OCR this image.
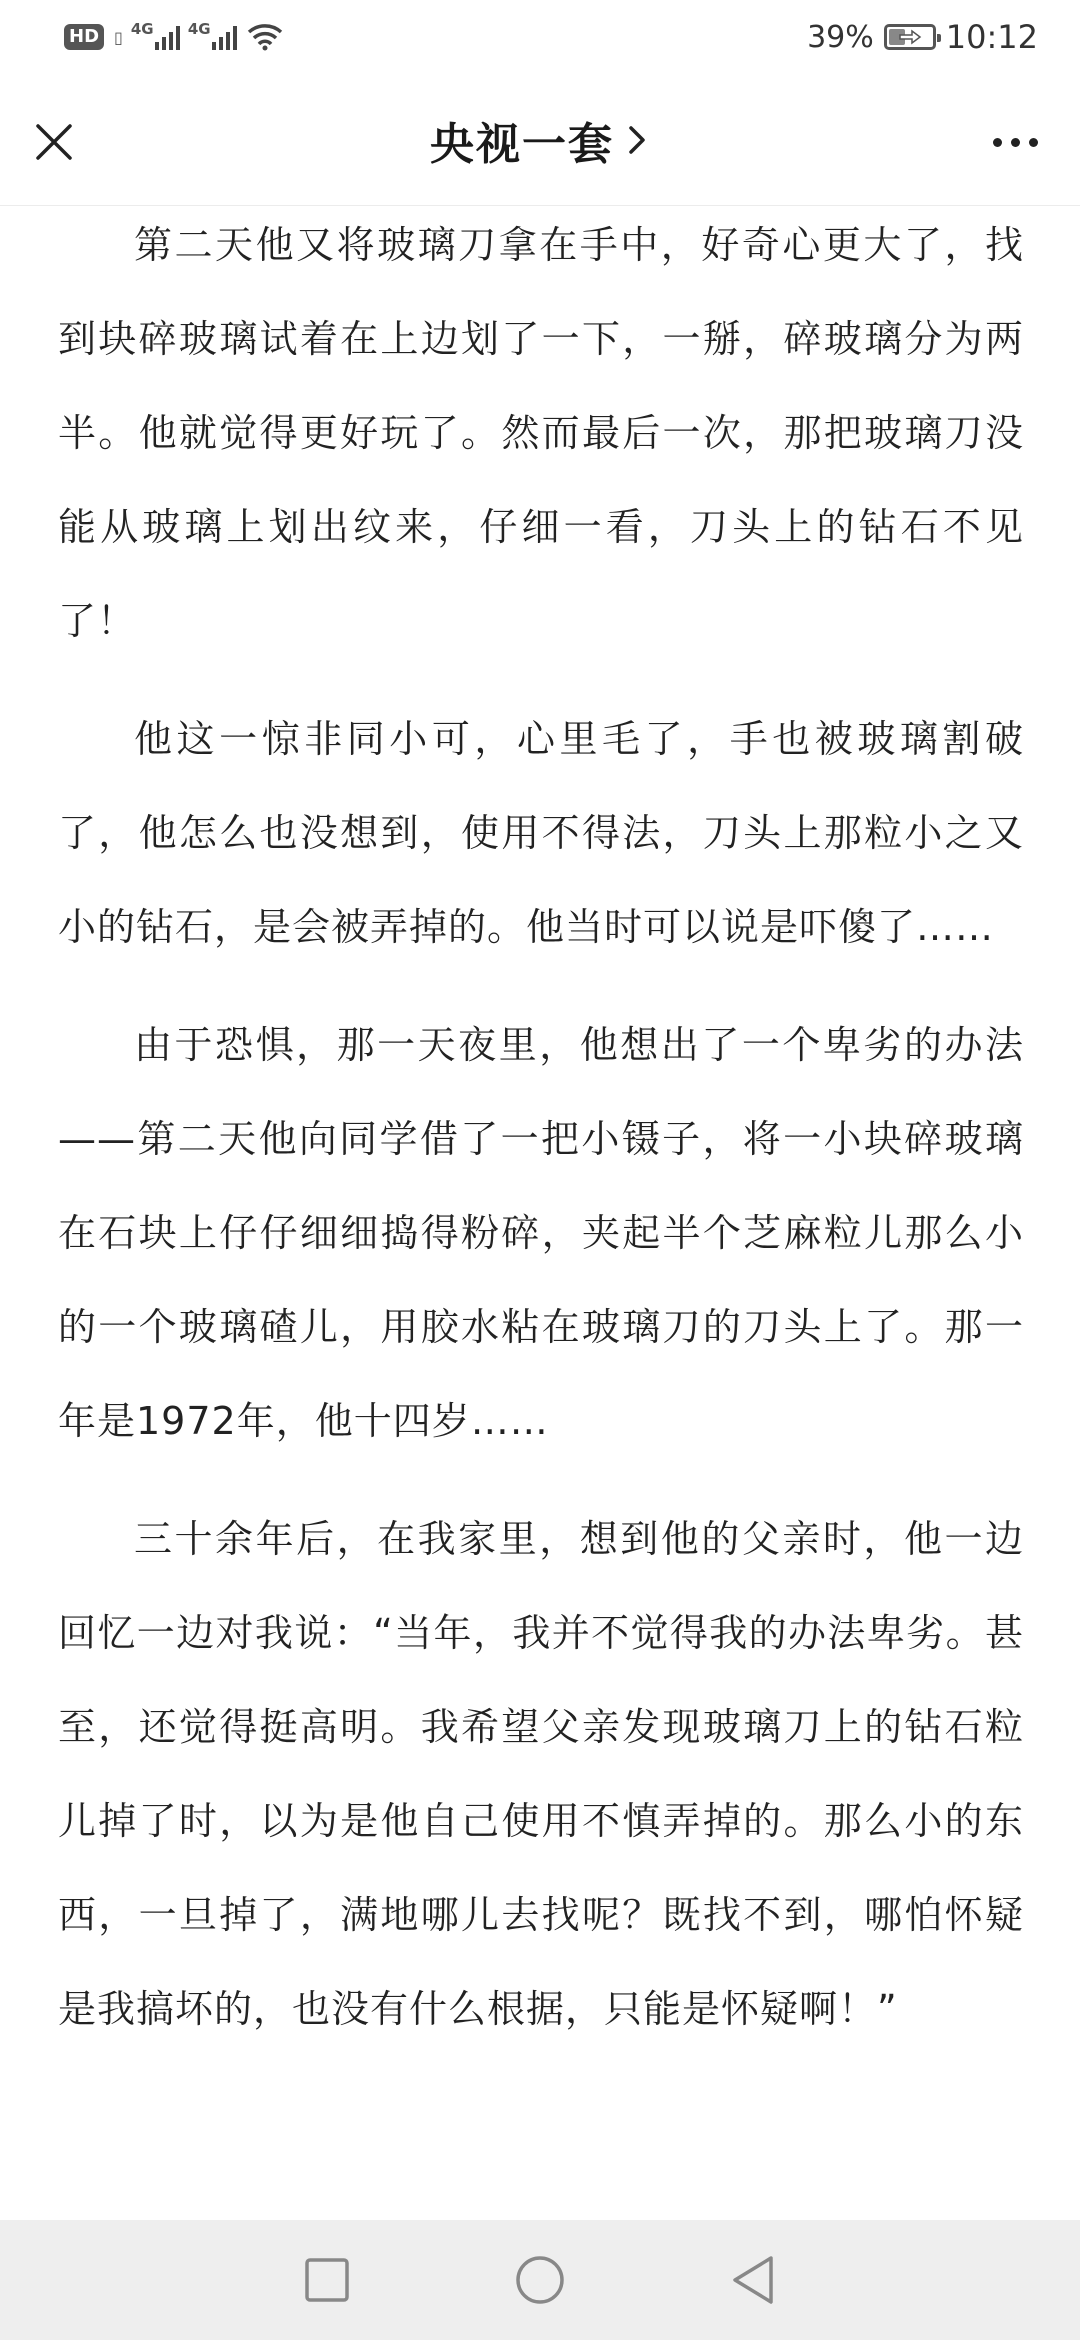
HD ▯ 4G 4G	39% 10:12
央视一套

第二天他又将玻璃刀拿在手中，好奇心更大了，找到块碎玻璃试着在上边划了一下，一掰，碎玻璃分为两半。他就觉得更好玩了。然而最后一次，那把玻璃刀没能从玻璃上划出纹来，仔细一看，刀头上的钻石不见了！

他这一惊非同小可，心里毛了，手也被玻璃割破了，他怎么也没想到，使用不得法，刀头上那粒小之又小的钻石，是会被弄掉的。他当时可以说是吓傻了……

由于恐惧，那一天夜里，他想出了一个卑劣的办法——第二天他向同学借了一把小镊子，将一小块碎玻璃在石块上仔仔细细捣得粉碎，夹起半个芝麻粒儿那么小的一个玻璃碴儿，用胶水粘在玻璃刀的刀头上了。那一年是1972年，他十四岁……

三十余年后，在我家里，想到他的父亲时，他一边回忆一边对我说：“当年，我并不觉得我的办法卑劣。甚至，还觉得挺高明。我希望父亲发现玻璃刀上的钻石粒儿掉了时，以为是他自己使用不慎弄掉的。那么小的东西，一旦掉了，满地哪儿去找呢？既找不到，哪怕怀疑是我搞坏的，也没有什么根据，只能是怀疑啊！”
